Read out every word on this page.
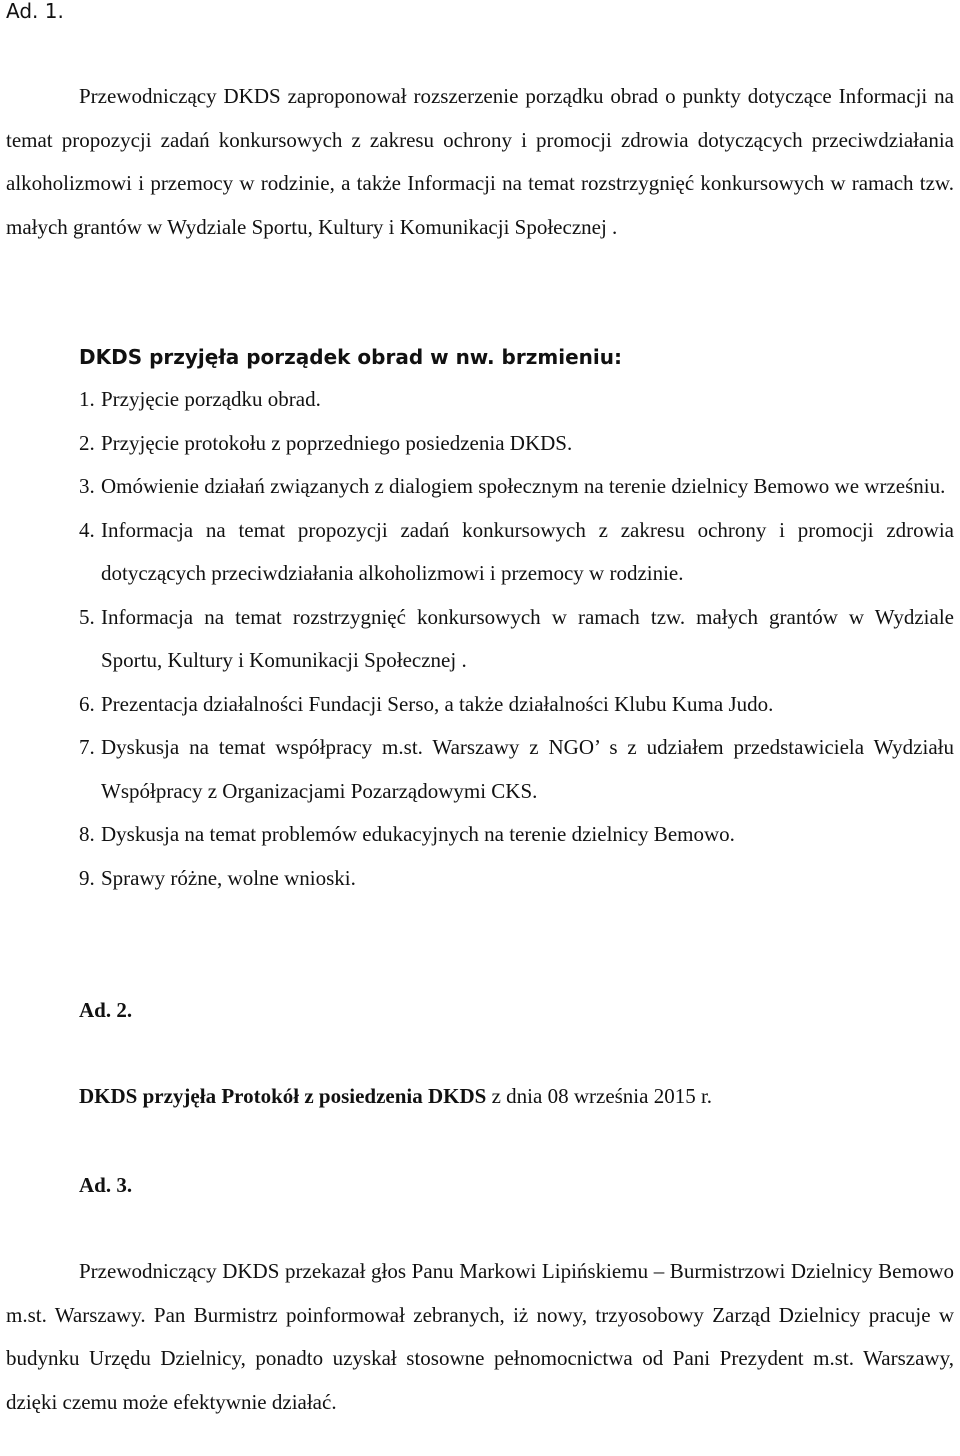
Ad. 1.

Przewodniczący DKDS zaproponował rozszerzenie porządku obrad o punkty dotyczące Informacji na temat propozycji zadań konkursowych z zakresu ochrony i promocji zdrowia dotyczących przeciwdziałania alkoholizmowi i przemocy w rodzinie, a także Informacji na temat rozstrzygnięć konkursowych w ramach tzw. małych grantów w Wydziale Sportu, Kultury i Komunikacji Społecznej .

DKDS przyjęła porządek obrad w nw. brzmieniu:
1. Przyjęcie porządku obrad.
2. Przyjęcie protokołu z poprzedniego posiedzenia DKDS.
3. Omówienie działań związanych z dialogiem społecznym na terenie dzielnicy Bemowo we wrześniu.
4. Informacja na temat propozycji zadań konkursowych z zakresu ochrony i promocji zdrowia dotyczących przeciwdziałania alkoholizmowi i przemocy w rodzinie.
5. Informacja na temat rozstrzygnięć konkursowych w ramach tzw. małych grantów w Wydziale Sportu, Kultury i Komunikacji Społecznej .
6. Prezentacja działalności Fundacji Serso, a także działalności Klubu Kuma Judo.
7. Dyskusja na temat współpracy m.st. Warszawy z NGO’ s z udziałem przedstawiciela Wydziału Współpracy z Organizacjami Pozarządowymi CKS.
8. Dyskusja na temat problemów edukacyjnych na terenie dzielnicy Bemowo.
9. Sprawy różne, wolne wnioski.
Ad. 2.
DKDS przyjęła Protokół z posiedzenia DKDS z dnia 08 września 2015 r.
Ad. 3.

Przewodniczący DKDS przekazał głos Panu Markowi Lipińskiemu – Burmistrzowi Dzielnicy Bemowo m.st. Warszawy. Pan Burmistrz poinformował zebranych, iż nowy, trzyosobowy Zarząd Dzielnicy pracuje w budynku Urzędu Dzielnicy, ponadto uzyskał stosowne pełnomocnictwa od Pani Prezydent m.st. Warszawy, dzięki czemu może efektywnie działać.
